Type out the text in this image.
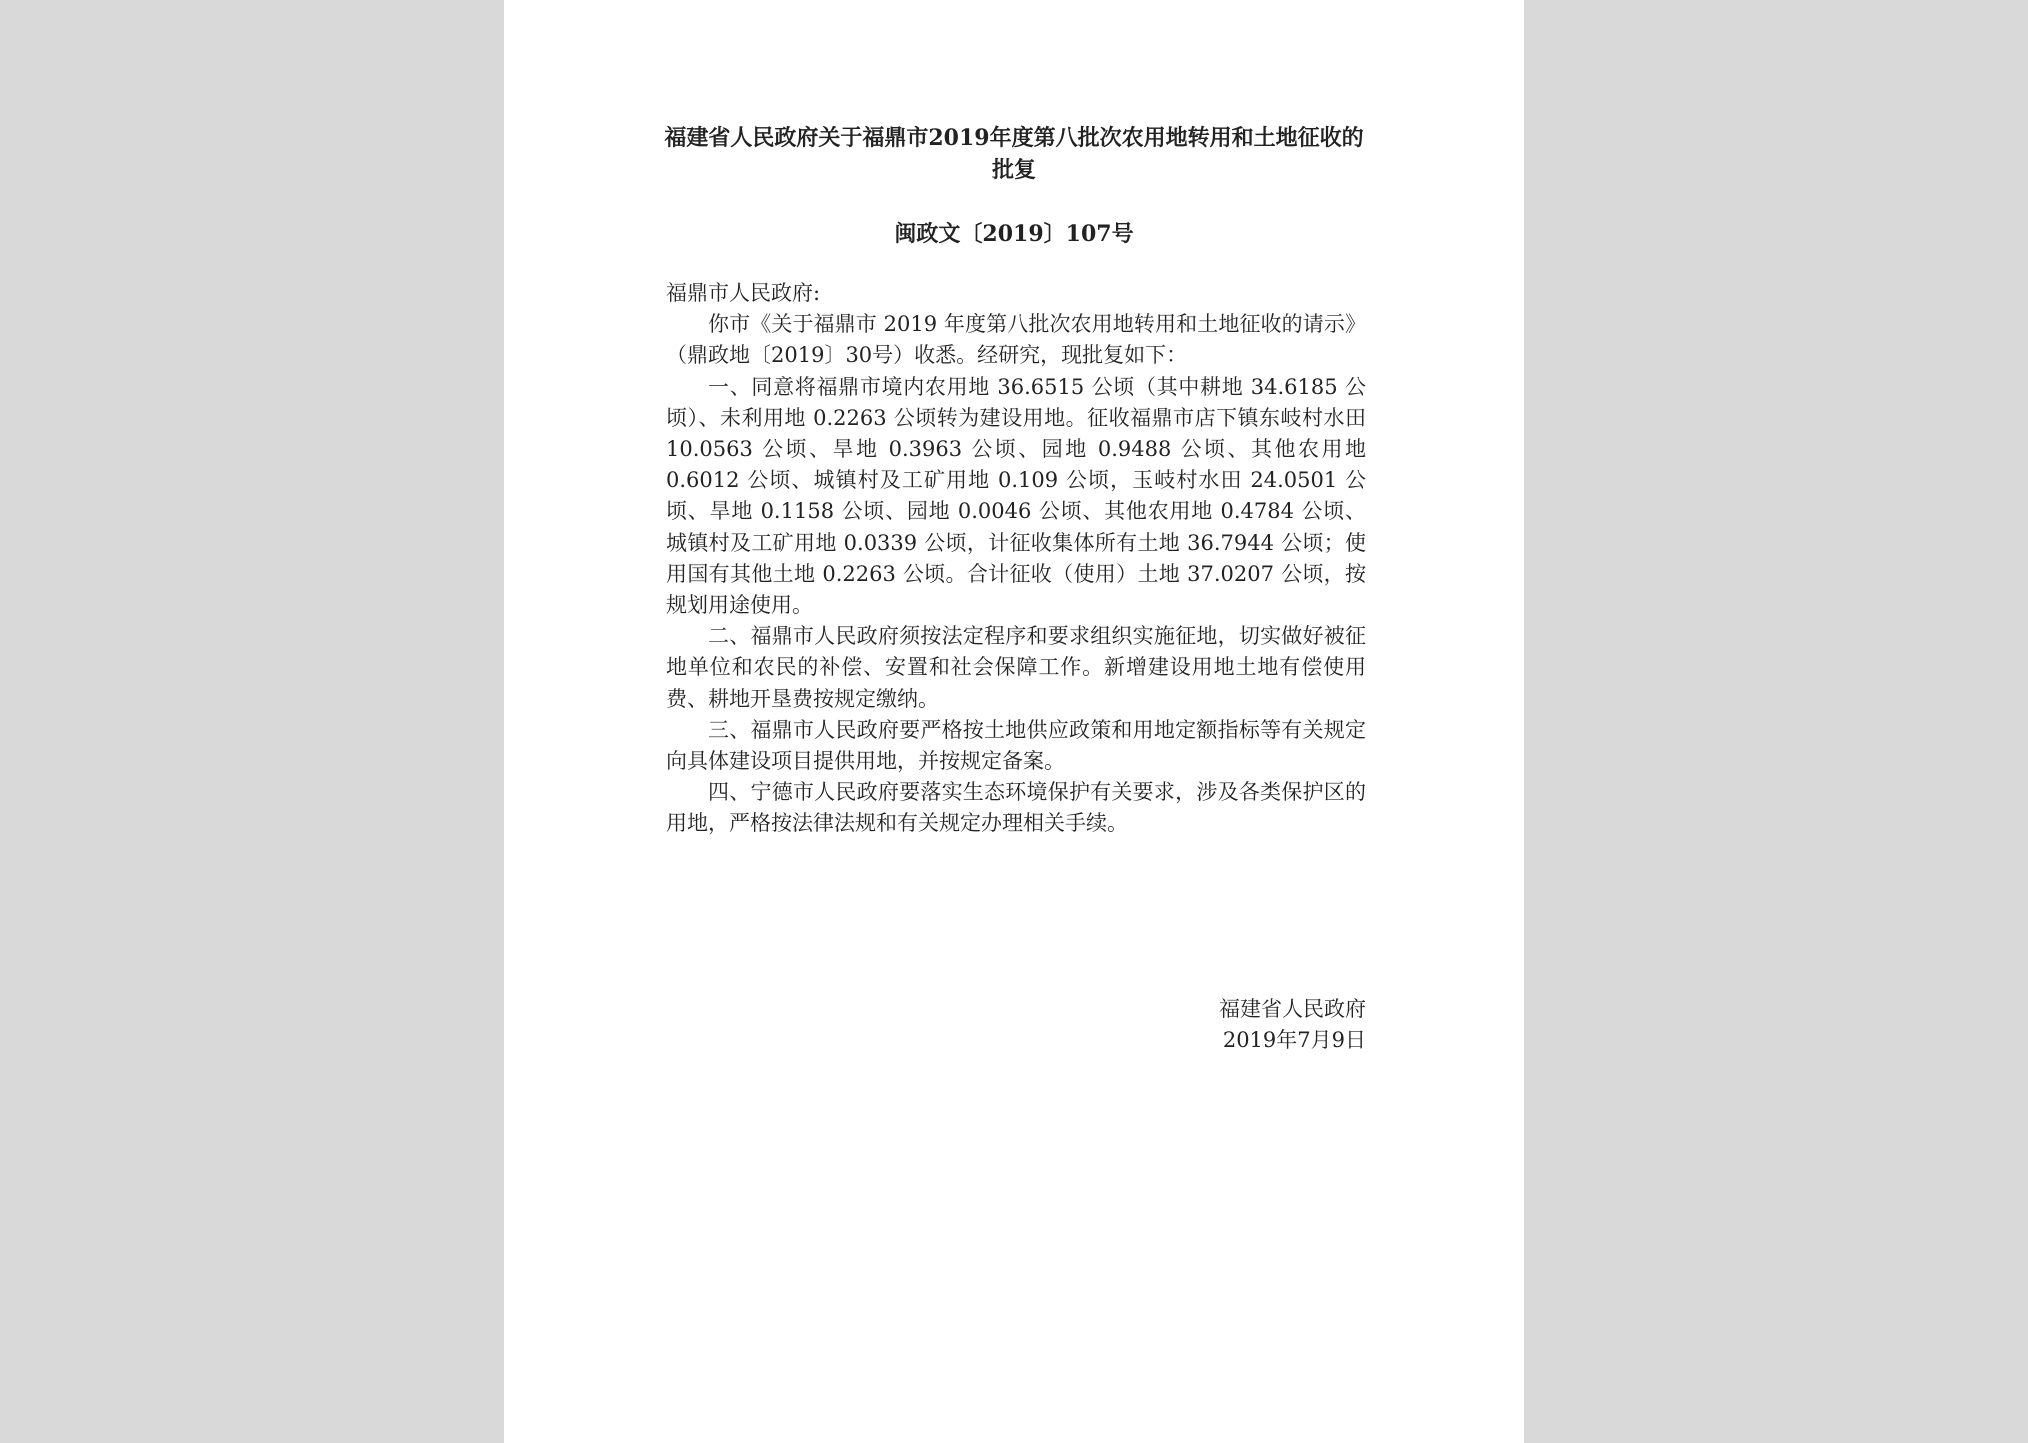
福建省人民政府关于福鼎市2019年度第八批次农用地转用和土地征收的批复
闽政文〔2019〕107号

福鼎市人民政府:

你市《关于福鼎市 2019 年度第八批次农用地转用和土地征收的请示》（鼎政地〔2019〕30号）收悉。经研究，现批复如下：

一、同意将福鼎市境内农用地 36.6515 公顷（其中耕地 34.6185 公顷）、未利用地 0.2263 公顷转为建设用地。征收福鼎市店下镇东岐村水田 10.0563 公顷、旱地 0.3963 公顷、园地 0.9488 公顷、其他农用地 0.6012 公顷、城镇村及工矿用地 0.109 公顷，玉岐村水田 24.0501 公顷、旱地 0.1158 公顷、园地 0.0046 公顷、其他农用地 0.4784 公顷、城镇村及工矿用地 0.0339 公顷，计征收集体所有土地 36.7944 公顷；使用国有其他土地 0.2263 公顷。合计征收（使用）土地 37.0207 公顷，按规划用途使用。

二、福鼎市人民政府须按法定程序和要求组织实施征地，切实做好被征地单位和农民的补偿、安置和社会保障工作。新增建设用地土地有偿使用费、耕地开垦费按规定缴纳。

三、福鼎市人民政府要严格按土地供应政策和用地定额指标等有关规定向具体建设项目提供用地，并按规定备案。

四、宁德市人民政府要落实生态环境保护有关要求，涉及各类保护区的用地，严格按法律法规和有关规定办理相关手续。

福建省人民政府
2019年7月9日
